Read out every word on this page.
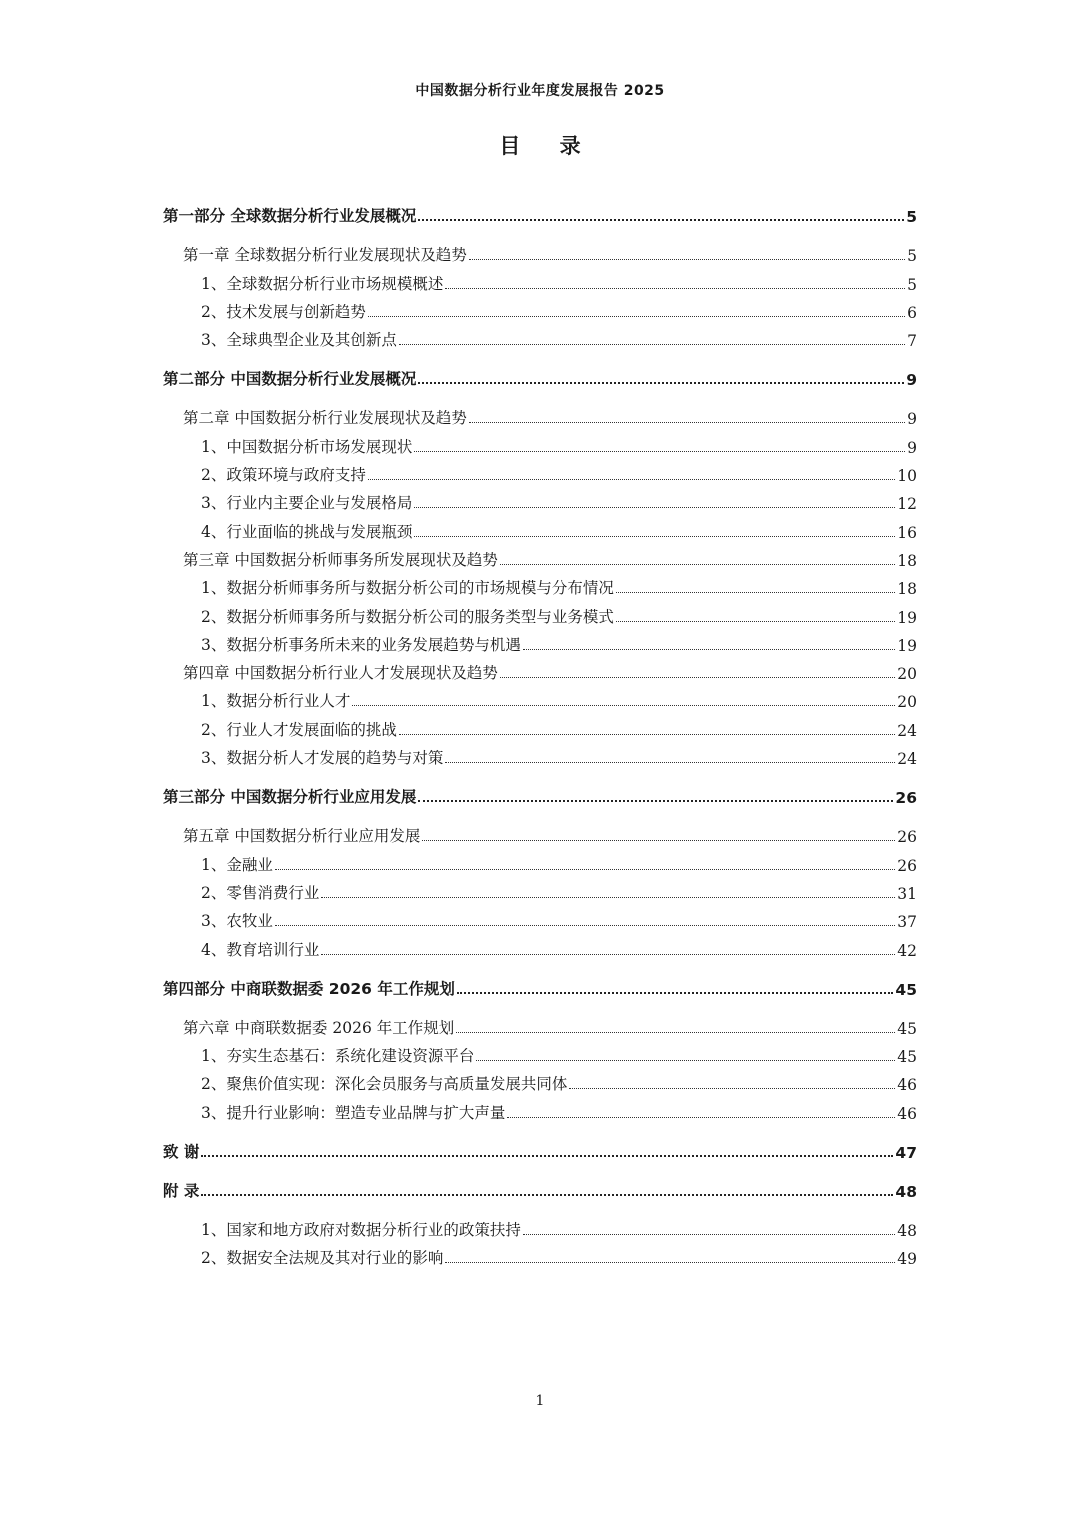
中国数据分析行业年度发展报告 2025
目 录
第一部分 全球数据分析行业发展概况	5
第一章 全球数据分析行业发展现状及趋势	5
1、全球数据分析行业市场规模概述	5
2、技术发展与创新趋势	6
3、全球典型企业及其创新点	7
第二部分 中国数据分析行业发展概况	9
第二章 中国数据分析行业发展现状及趋势	9
1、中国数据分析市场发展现状	9
2、政策环境与政府支持	10
3、行业内主要企业与发展格局	12
4、行业面临的挑战与发展瓶颈	16
第三章 中国数据分析师事务所发展现状及趋势	18
1、数据分析师事务所与数据分析公司的市场规模与分布情况	18
2、数据分析师事务所与数据分析公司的服务类型与业务模式	19
3、数据分析事务所未来的业务发展趋势与机遇	19
第四章 中国数据分析行业人才发展现状及趋势	20
1、数据分析行业人才	20
2、行业人才发展面临的挑战	24
3、数据分析人才发展的趋势与对策	24
第三部分 中国数据分析行业应用发展	26
第五章 中国数据分析行业应用发展	26
1、金融业	26
2、零售消费行业	31
3、农牧业	37
4、教育培训行业	42
第四部分 中商联数据委 2026 年工作规划	45
第六章 中商联数据委 2026 年工作规划	45
1、夯实生态基石：系统化建设资源平台	45
2、聚焦价值实现：深化会员服务与高质量发展共同体	46
3、提升行业影响：塑造专业品牌与扩大声量	46
致 谢	47
附 录	48
1、国家和地方政府对数据分析行业的政策扶持	48
2、数据安全法规及其对行业的影响	49
1
